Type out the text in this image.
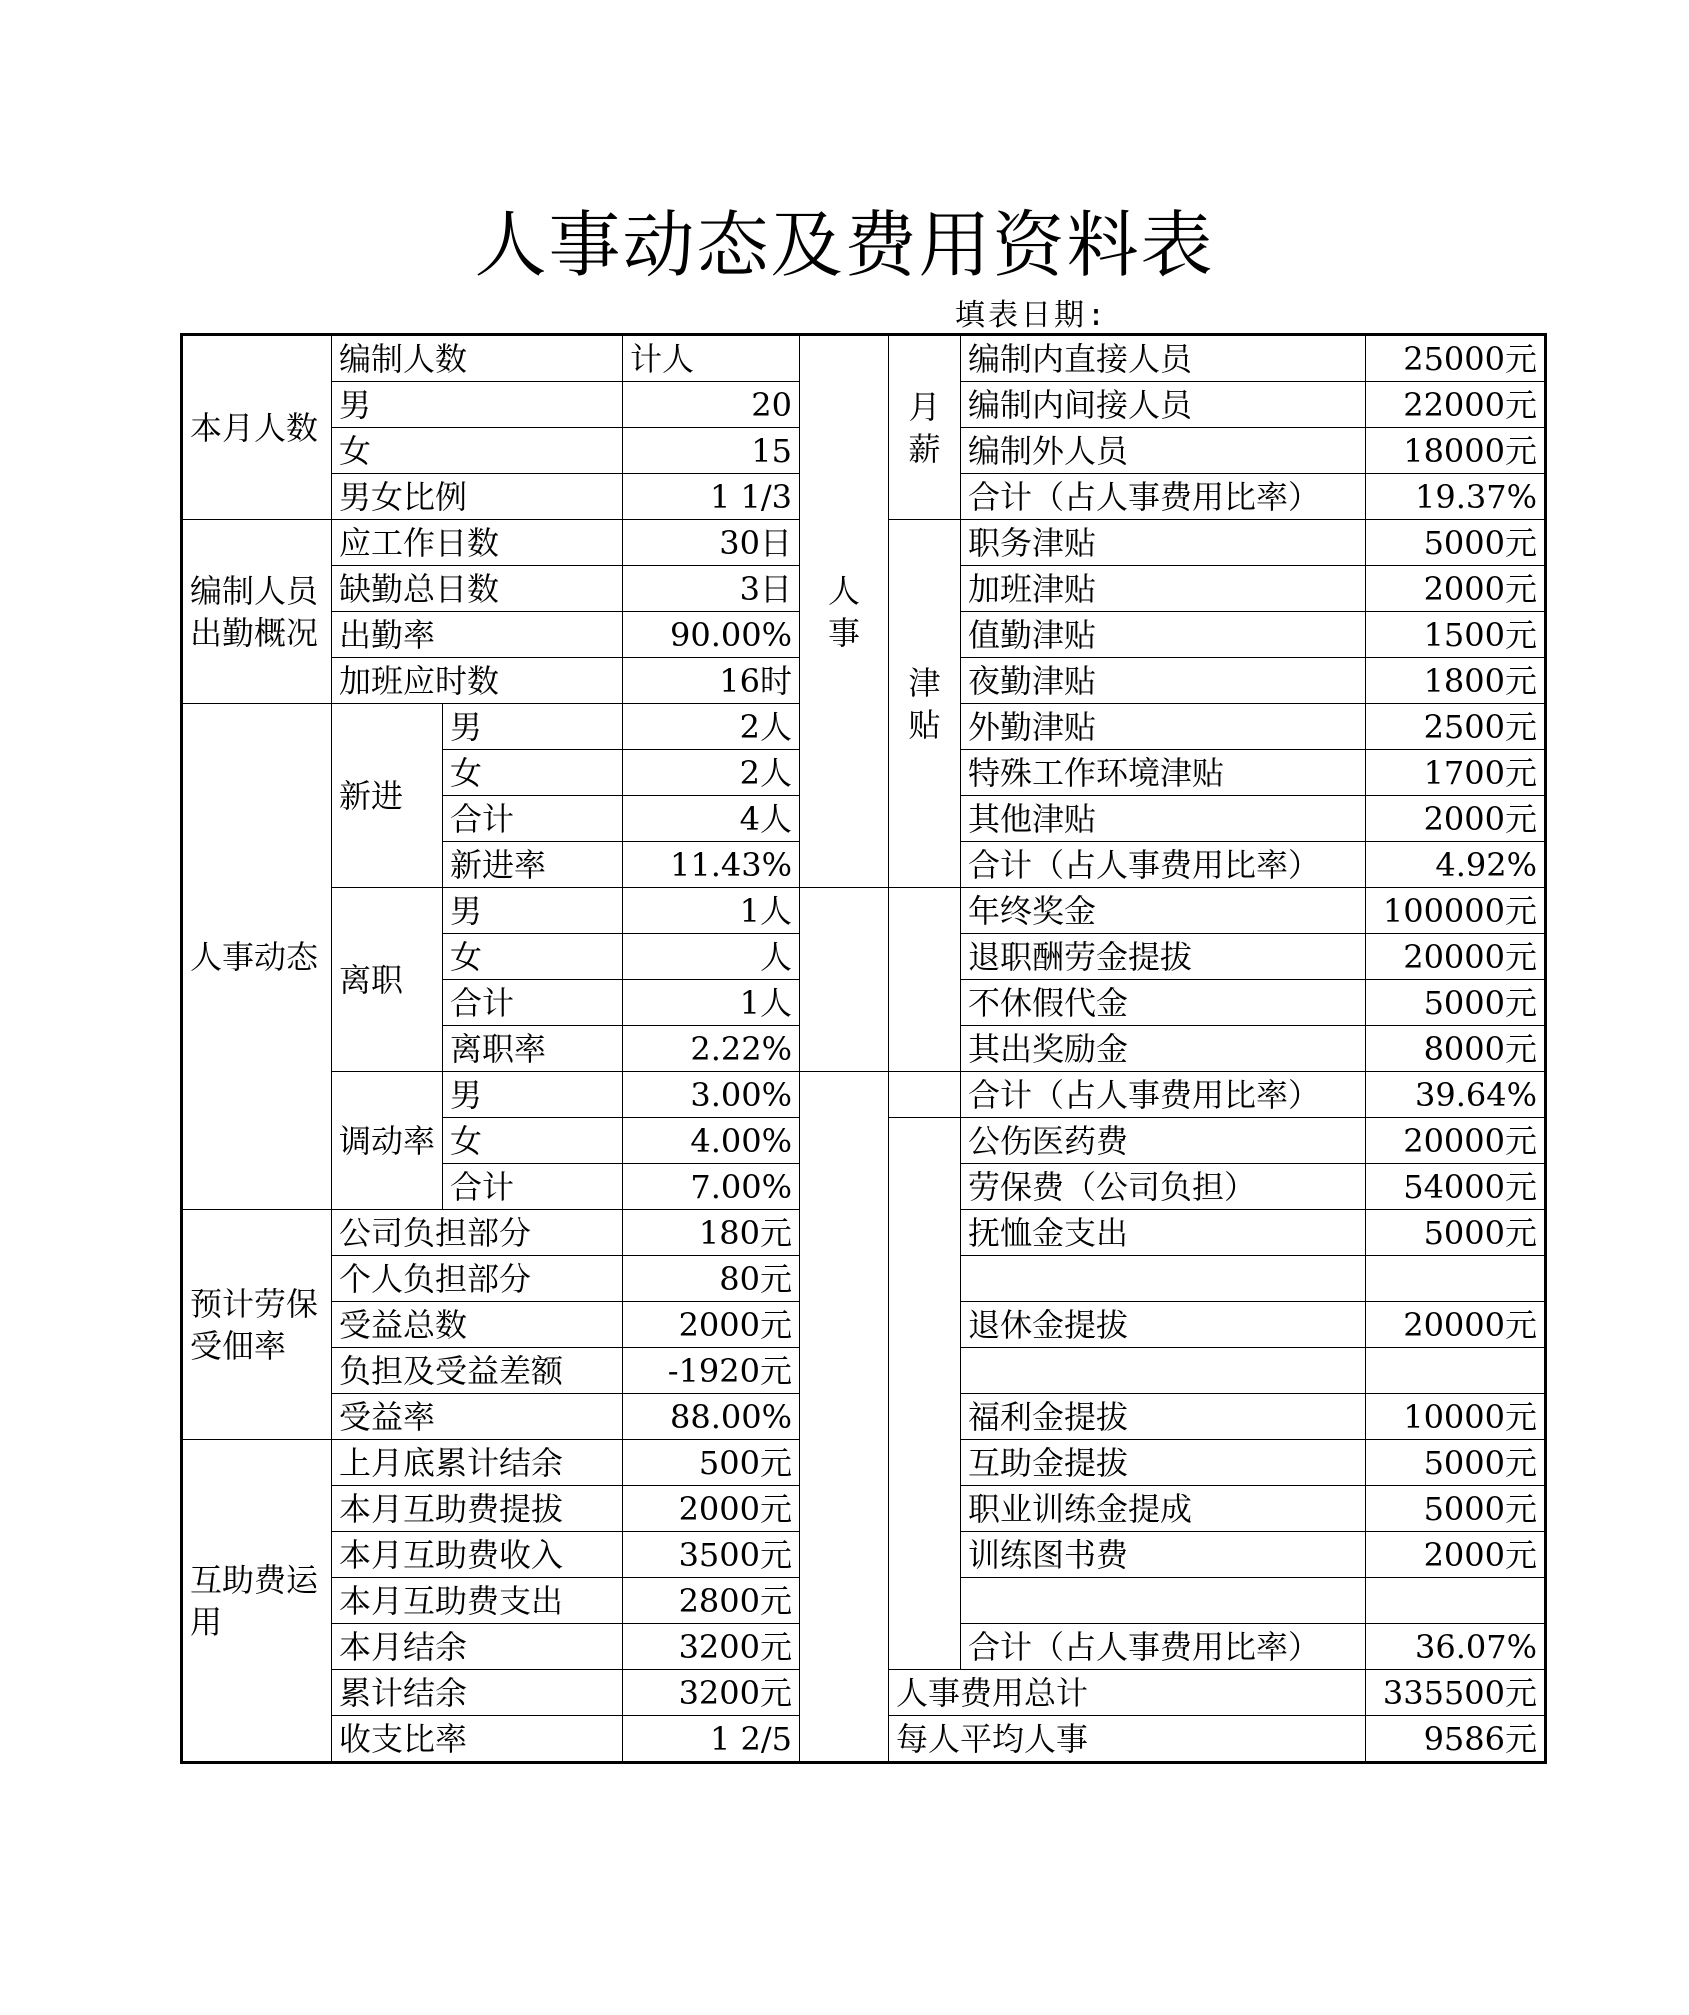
人事动态及费用资料表
填表日期:
本月人数	编制人数		计人	人事	月薪	编制内直接人员	25000元
	男		20			编制内间接人员	22000元
	女		15			编制外人员	18000元
	男女比例		1 1/3			合计（占人事费用比率）	19.37%
编制人员出勤概况	应工作日数		30日		津贴	职务津贴	5000元
	缺勤总日数		3日			加班津贴	2000元
	出勤率		90.00%			值勤津贴	1500元
	加班应时数		16时			夜勤津贴	1800元
人事动态	新进	男	2人			外勤津贴	2500元
		女	2人			特殊工作环境津贴	1700元
		合计	4人			其他津贴	2000元
		新进率	11.43%			合计（占人事费用比率）	4.92%
	离职	男	1人			年终奖金	100000元
		女	人			退职酬劳金提拔	20000元
		合计	1人			不休假代金	5000元
		离职率	2.22%			其出奖励金	8000元
	调动率	男	3.00%			合计（占人事费用比率）	39.64%
		女	4.00%			公伤医药费	20000元
		合计	7.00%			劳保费（公司负担）	54000元
预计劳保受佃率	公司负担部分		180元			抚恤金支出	5000元
	个人负担部分		80元				
	受益总数		2000元			退休金提拔	20000元
	负担及受益差额		-1920元				
	受益率		88.00%			福利金提拔	10000元
互助费运用	上月底累计结余		500元			互助金提拔	5000元
	本月互助费提拔		2000元			职业训练金提成	5000元
	本月互助费收入		3500元			训练图书费	2000元
	本月互助费支出		2800元				
	本月结余		3200元			合计（占人事费用比率）	36.07%
	累计结余		3200元		人事费用总计		335500元
	收支比率		1 2/5		每人平均人事		9586元
